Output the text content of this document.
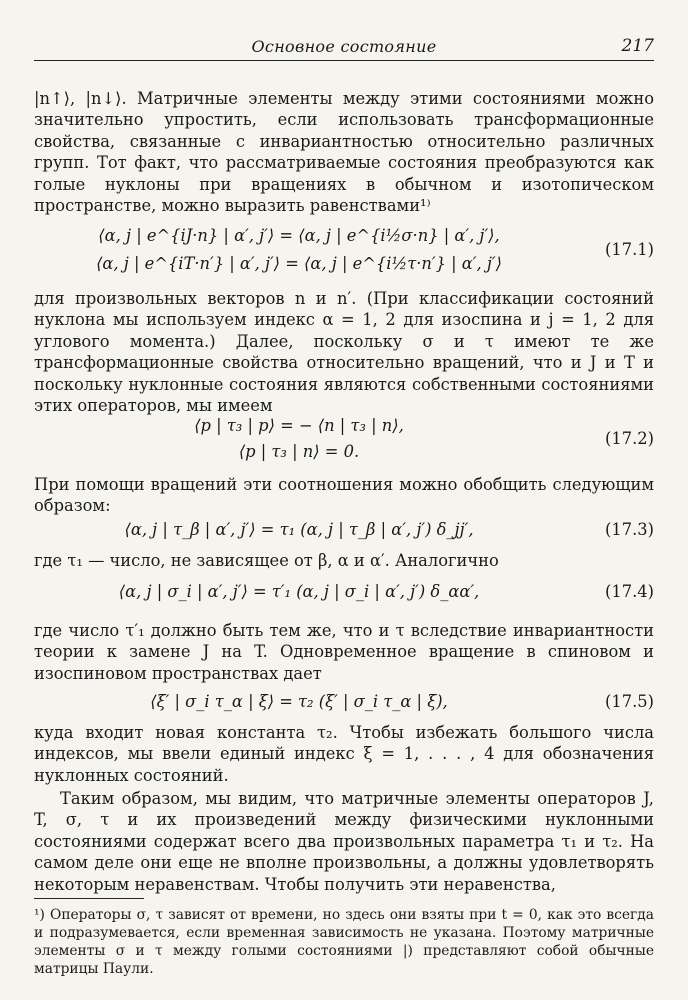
Основное состояние	217

|n↑⟩, |n↓⟩. Матричные элементы между этими состояниями можно значительно упростить, если использовать трансформационные свойства, связанные с инвариантностью относительно различных групп. Тот факт, что рассматриваемые состояния преобразуются как голые нуклоны при вращениях в обычном и изотопическом пространстве, можно выразить равенствами¹⁾

⟨α, j | e^{iJ·n} | α′, j′⟩ = ⟨α, j | e^{i½σ·n} | α′, j′⟩,
⟨α, j | e^{iT·n′} | α′, j′⟩ = ⟨α, j | e^{i½τ·n′} | α′, j′⟩
(17.1)

для произвольных векторов n и n′. (При классификации состояний нуклона мы используем индекс α = 1, 2 для изоспина и j = 1, 2 для углового момента.) Далее, поскольку σ и τ имеют те же трансформационные свойства относительно вращений, что и J и T и поскольку нуклонные состояния являются собственными состояниями этих операторов, мы имеем

⟨p | τ₃ | p⟩ = − ⟨n | τ₃ | n⟩,
⟨p | τ₃ | n⟩ = 0.
(17.2)

При помощи вращений эти соотношения можно обобщить следующим образом:

⟨α, j | τ_β | α′, j′⟩ = τ₁ (α, j | τ_β | α′, j′) δ_jj′,	(17.3)

где τ₁ — число, не зависящее от β, α и α′. Аналогично

⟨α, j | σ_i | α′, j′⟩ = τ′₁ (α, j | σ_i | α′, j′) δ_αα′,	(17.4)

где число τ′₁ должно быть тем же, что и τ вследствие инвариантности теории к замене J на T. Одновременное вращение в спиновом и изоспиновом пространствах дает

⟨ξ′ | σ_i τ_α | ξ⟩ = τ₂ (ξ′ | σ_i τ_α | ξ),	(17.5)

куда входит новая константа τ₂. Чтобы избежать большого числа индексов, мы ввели единый индекс ξ = 1, . . . , 4 для обозначения нуклонных состояний.

Таким образом, мы видим, что матричные элементы операторов J, T, σ, τ и их произведений между физическими нуклонными состояниями содержат всего два произвольных параметра τ₁ и τ₂. На самом деле они еще не вполне произвольны, а должны удовлетворять некоторым неравенствам. Чтобы получить эти неравенства,

¹) Операторы σ, τ зависят от времени, но здесь они взяты при t = 0, как это всегда и подразумевается, если временная зависимость не указана. Поэтому матричные элементы σ и τ между голыми состояниями |) представляют собой обычные матрицы Паули.
